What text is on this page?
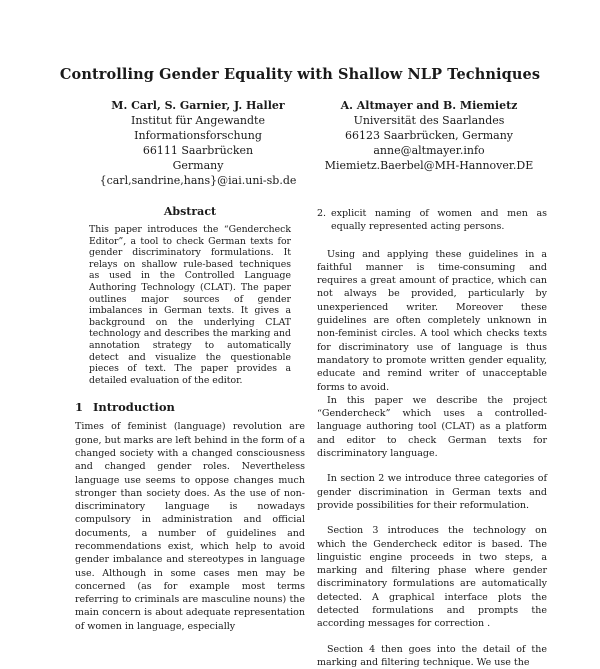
Controlling Gender Equality with Shallow NLP Techniques
M. Carl, S. Garnier, J. Haller
Institut für Angewandte Informationsforschung
66111 Saarbrücken
Germany
{carl,sandrine,hans}@iai.uni-sb.de
A. Altmayer and B. Miemietz
Universität des Saarlandes
66123 Saarbrücken, Germany
anne@altmayer.info
Miemietz.Baerbel@MH-Hannover.DE
Abstract

This paper introduces the “Gendercheck Editor”, a tool to check German texts for gender discriminatory formulations. It relays on shallow rule-based techniques as used in the Controlled Language Authoring Technology (CLAT). The paper outlines major sources of gender imbalances in German texts. It gives a background on the underlying CLAT technology and describes the marking and annotation strategy to automatically detect and visualize the questionable pieces of text. The paper provides a detailed evaluation of the editor.

1 Introduction

Times of feminist (language) revolution are gone, but marks are left behind in the form of a changed society with a changed consciousness and changed gender roles. Nevertheless language use seems to oppose changes much stronger than society does. As the use of non-discriminatory language is nowadays compulsory in administration and official documents, a number of guidelines and recommendations exist, which help to avoid gender imbalance and stereotypes in language use. Although in some cases men may be concerned (as for example most terms referring to criminals are masculine nouns) the main concern is about adequate representation of women in language, especially

2. explicit naming of women and men as equally represented acting persons.

Using and applying these guidelines in a faithful manner is time-consuming and requires a great amount of practice, which can not always be provided, particularly by unexperienced writer. Moreover these guidelines are often completely unknown in non-feminist circles. A tool which checks texts for discriminatory use of language is thus mandatory to promote written gender equality, educate and remind writer of unacceptable forms to avoid.

In this paper we describe the project “Gendercheck” which uses a controlled-language authoring tool (CLAT) as a platform and editor to check German texts for discriminatory language.

In section 2 we introduce three categories of gender discrimination in German texts and provide possibilities for their reformulation.

Section 3 introduces the technology on which the Gendercheck editor is based. The linguistic engine proceeds in two steps, a marking and filtering phase where gender discriminatory formulations are automatically detected. A graphical interface plots the detected formulations and prompts the according messages for correction .

Section 4 then goes into the detail of the marking and filtering technique. We use the
